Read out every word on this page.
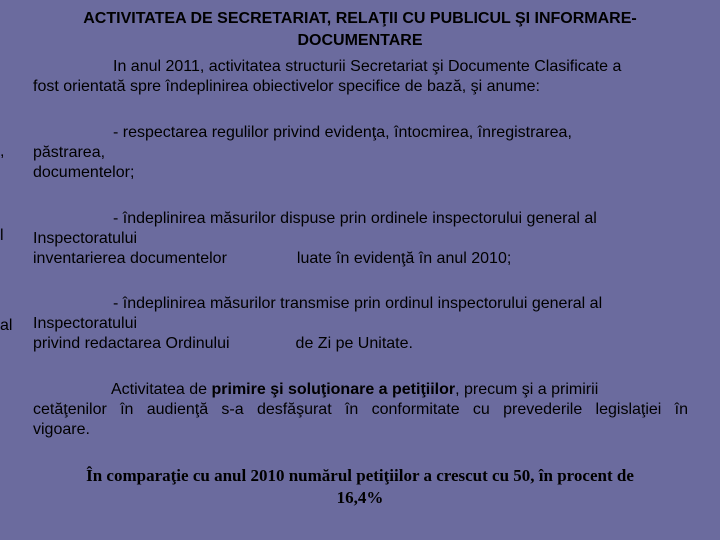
,
l
al
ACTIVITATEA DE SECRETARIAT, RELAŢII CU PUBLICUL ŞI INFORMARE-DOCUMENTARE
In anul 2011, activitatea structurii Secretariat şi Documente Clasificate a
fost orientată spre îndeplinirea obiectivelor specifice de bază, şi anume:
- respectarea regulilor privind evidenţa, întocmirea, înregistrarea,
păstrarea,
documentelor;
- îndeplinirea măsurilor dispuse prin ordinele inspectorului general al
Inspectoratului
inventarierea documentelor	luate în evidenţă în anul 2010;
- îndeplinirea măsurilor transmise prin ordinul inspectorului general al
Inspectoratului
privind redactarea Ordinului	de Zi pe Unitate.
Activitatea de primire şi soluţionare a petiţiilor, precum şi a primirii
cetăţenilor în audienţă s-a desfăşurat în conformitate cu prevederile legislaţiei în
vigoare.
În comparaţie cu anul 2010 numărul petiţiilor a crescut cu 50, în procent de
16,4%
